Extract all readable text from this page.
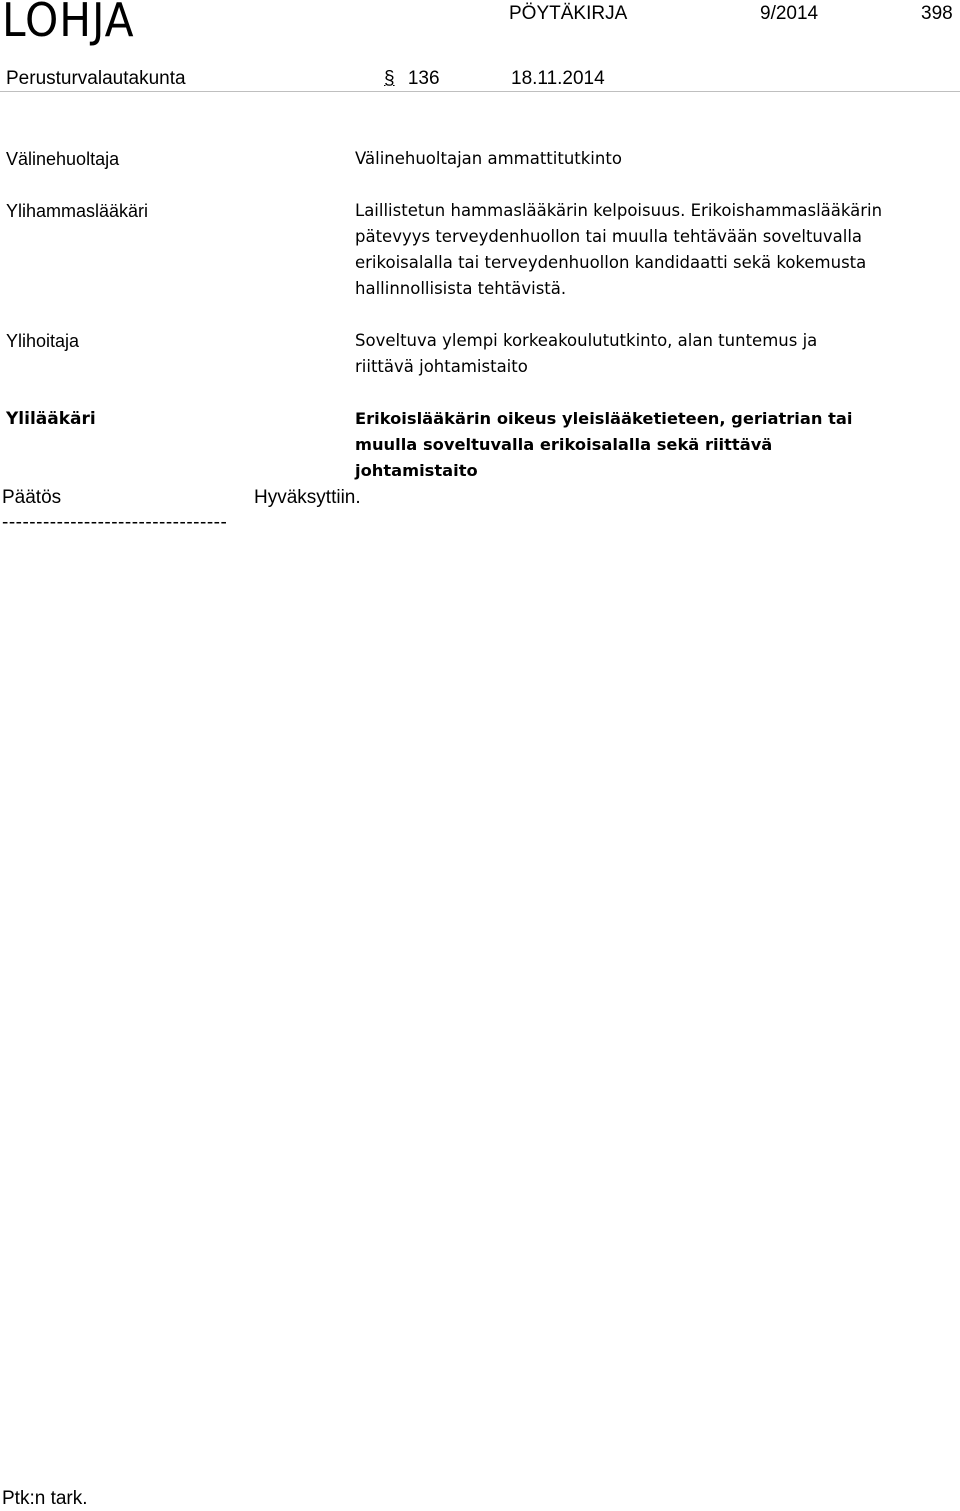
LOHJA	PÖYTÄKIRJA	9/2014	398
Perusturvalautakunta	§ 136	18.11.2014
Välinehuoltaja	Välinehuoltajan ammattitutkinto
Ylihammaslääkäri	Laillistetun hammaslääkärin kelpoisuus. Erikoishammaslääkärin pätevyys terveydenhuollon tai muulla tehtävään soveltuvalla erikoisalalla tai terveydenhuollon kandidaatti sekä kokemusta hallinnollisista tehtävistä.
Ylihoitaja	Soveltuva ylempi korkeakoulututkinto, alan tuntemus ja riittävä johtamistaito
Ylilääkäri	Erikoislääkärin oikeus yleislääketieteen, geriatrian tai muulla soveltuvalla erikoisalalla sekä riittävä johtamistaito
Päätös	Hyväksyttiin.
---------------------------------
Ptk:n tark.
